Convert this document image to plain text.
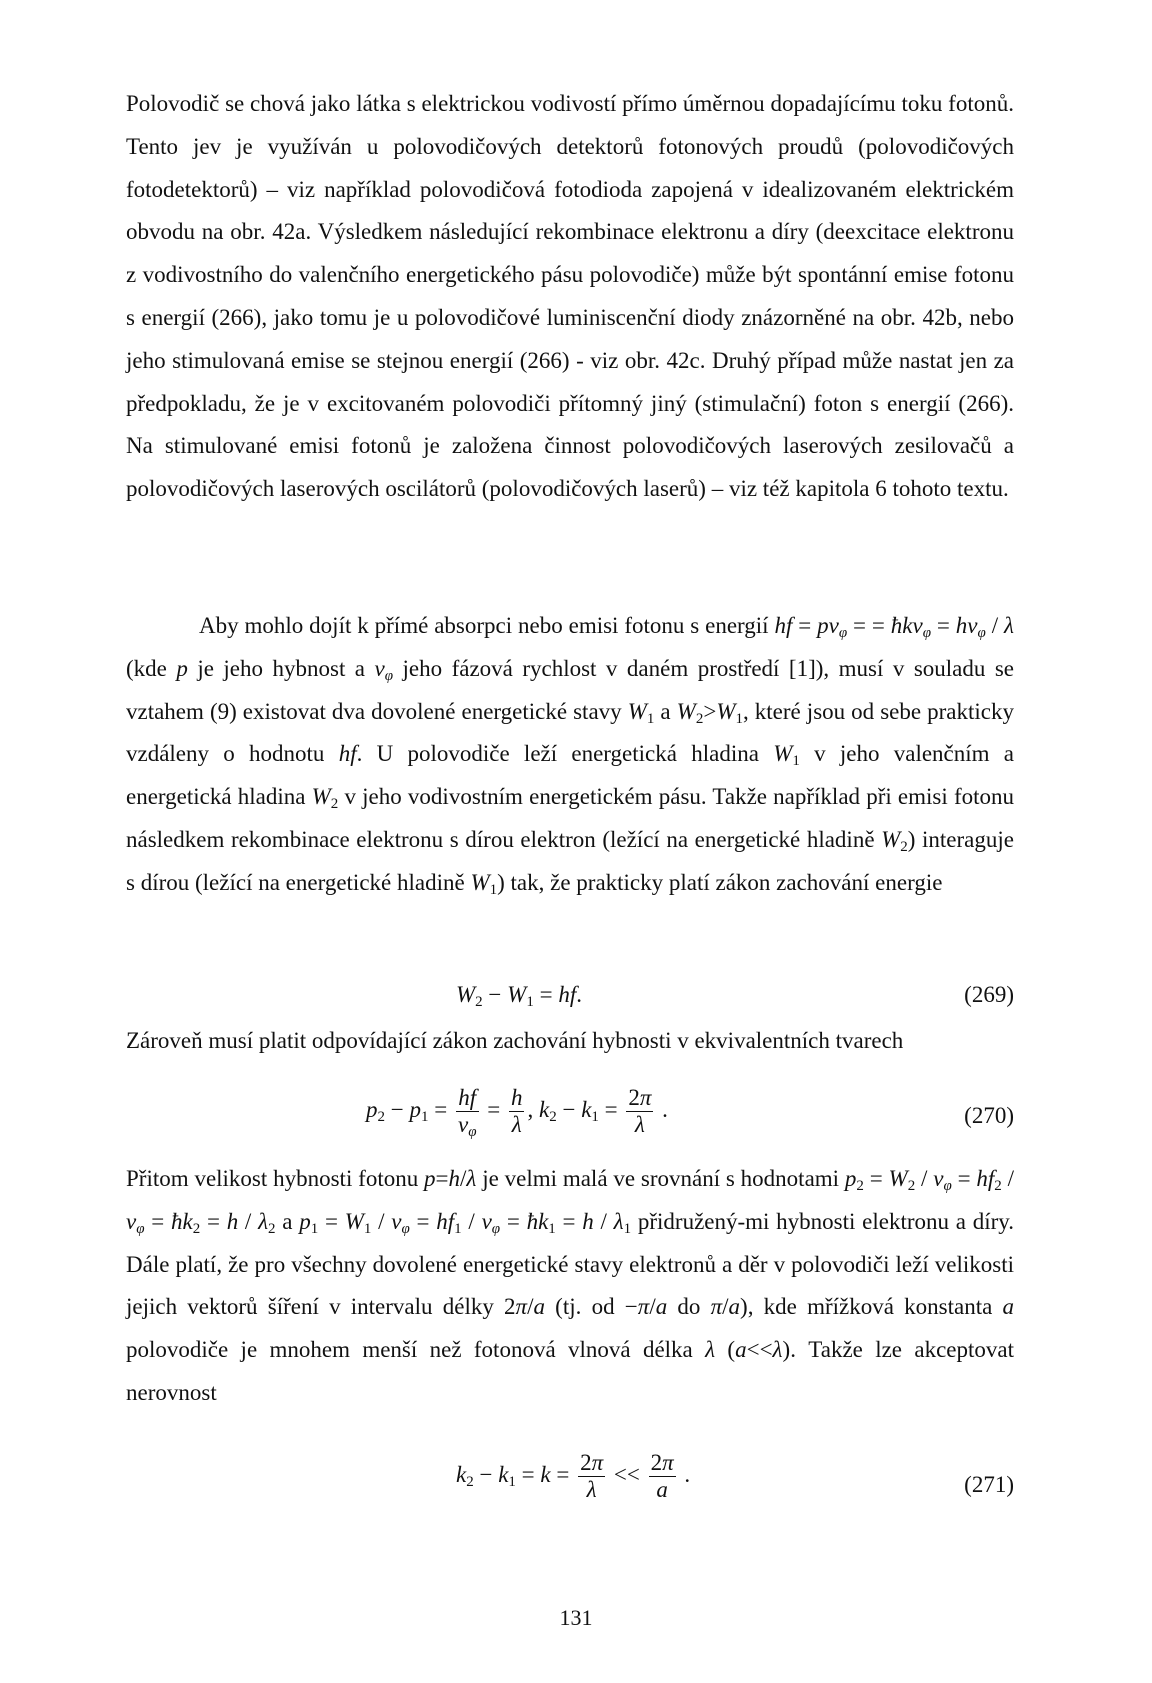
Polovodič se chová jako látka s elektrickou vodivostí přímo úměrnou dopadajícímu toku fotonů. Tento jev je využíván u polovodičových detektorů fotonových proudů (polovodičových fotodetektorů) – viz například polovodičová fotodioda zapojená v idealizovaném elektrickém obvodu na obr. 42a. Výsledkem následující rekombinace elektronu a díry (deexcitace elektronu z vodivostního do valenčního energetického pásu polovodiče) může být spontánní emise fotonu s energií (266), jako tomu je u polovodičové luminiscenční diody znázorněné na obr. 42b, nebo jeho stimulovaná emise se stejnou energií (266) - viz obr. 42c. Druhý případ může nastat jen za předpokladu, že je v excitovaném polovodiči přítomný jiný (stimulační) foton s energií (266). Na stimulované emisi fotonů je založena činnost polovodičových laserových zesilovačů a polovodičových laserových oscilátorů (polovodičových laserů) – viz též kapitola 6 tohoto textu.

Aby mohlo dojít k přímé absorpci nebo emisi fotonu s energií hf = $pv_\varphi$ = = ħkv$_\varphi$ = $hv_\varphi$ / λ (kde p je jeho hybnost a $v_\varphi$ jeho fázová rychlost v daném prostředí [1]), musí v souladu se vztahem (9) existovat dva dovolené energetické stavy $W_1$ a $W_2>W_1$, které jsou od sebe prakticky vzdáleny o hodnotu hf. U polovodiče leží energetická hladina $W_1$ v jeho valenčním a energetická hladina $W_2$ v jeho vodivostním energetickém pásu. Takže například při emisi fotonu následkem rekombinace elektronu s dírou elektron (ležící na energetické hladině $W_2$) interaguje s dírou (ležící na energetické hladině $W_1$) tak, že prakticky platí zákon zachování energie

$W_2 - W_1$ = hf.	(269)

Zároveň musí platit odpovídající zákon zachování hybnosti v ekvivalentních tvarech

$p_2 - p_1 = \frac{hf}{v_\varphi} = \frac{h}{\lambda}$ , $k_2 - k_1 = \frac{2\pi}{\lambda}$ .	(270)

Přitom velikost hybnosti fotonu p=h/λ je velmi malá ve srovnání s hodnotami $p_2 = W_2 / v_\varphi = hf_2 / v_\varphi$ = $ħk_2 = h / \lambda_2$ a $p_1 = W_1 / v_\varphi = hf_1 / v_\varphi$ = $ħk_1 = h / \lambda_1$ přidružený-mi hybnosti elektronu a díry. Dále platí, že pro všechny dovolené energetické stavy elektronů a děr v polovodiči leží velikosti jejich vektorů šíření v intervalu délky 2π/a (tj. od −π/a do π/a), kde mřížková konstanta a polovodiče je mnohem menší než fotonová vlnová délka λ (a<<λ). Takže lze akceptovat nerovnost

$k_2 - k_1 = k = \frac{2\pi}{\lambda} << \frac{2\pi}{a}$ .	(271)
131
